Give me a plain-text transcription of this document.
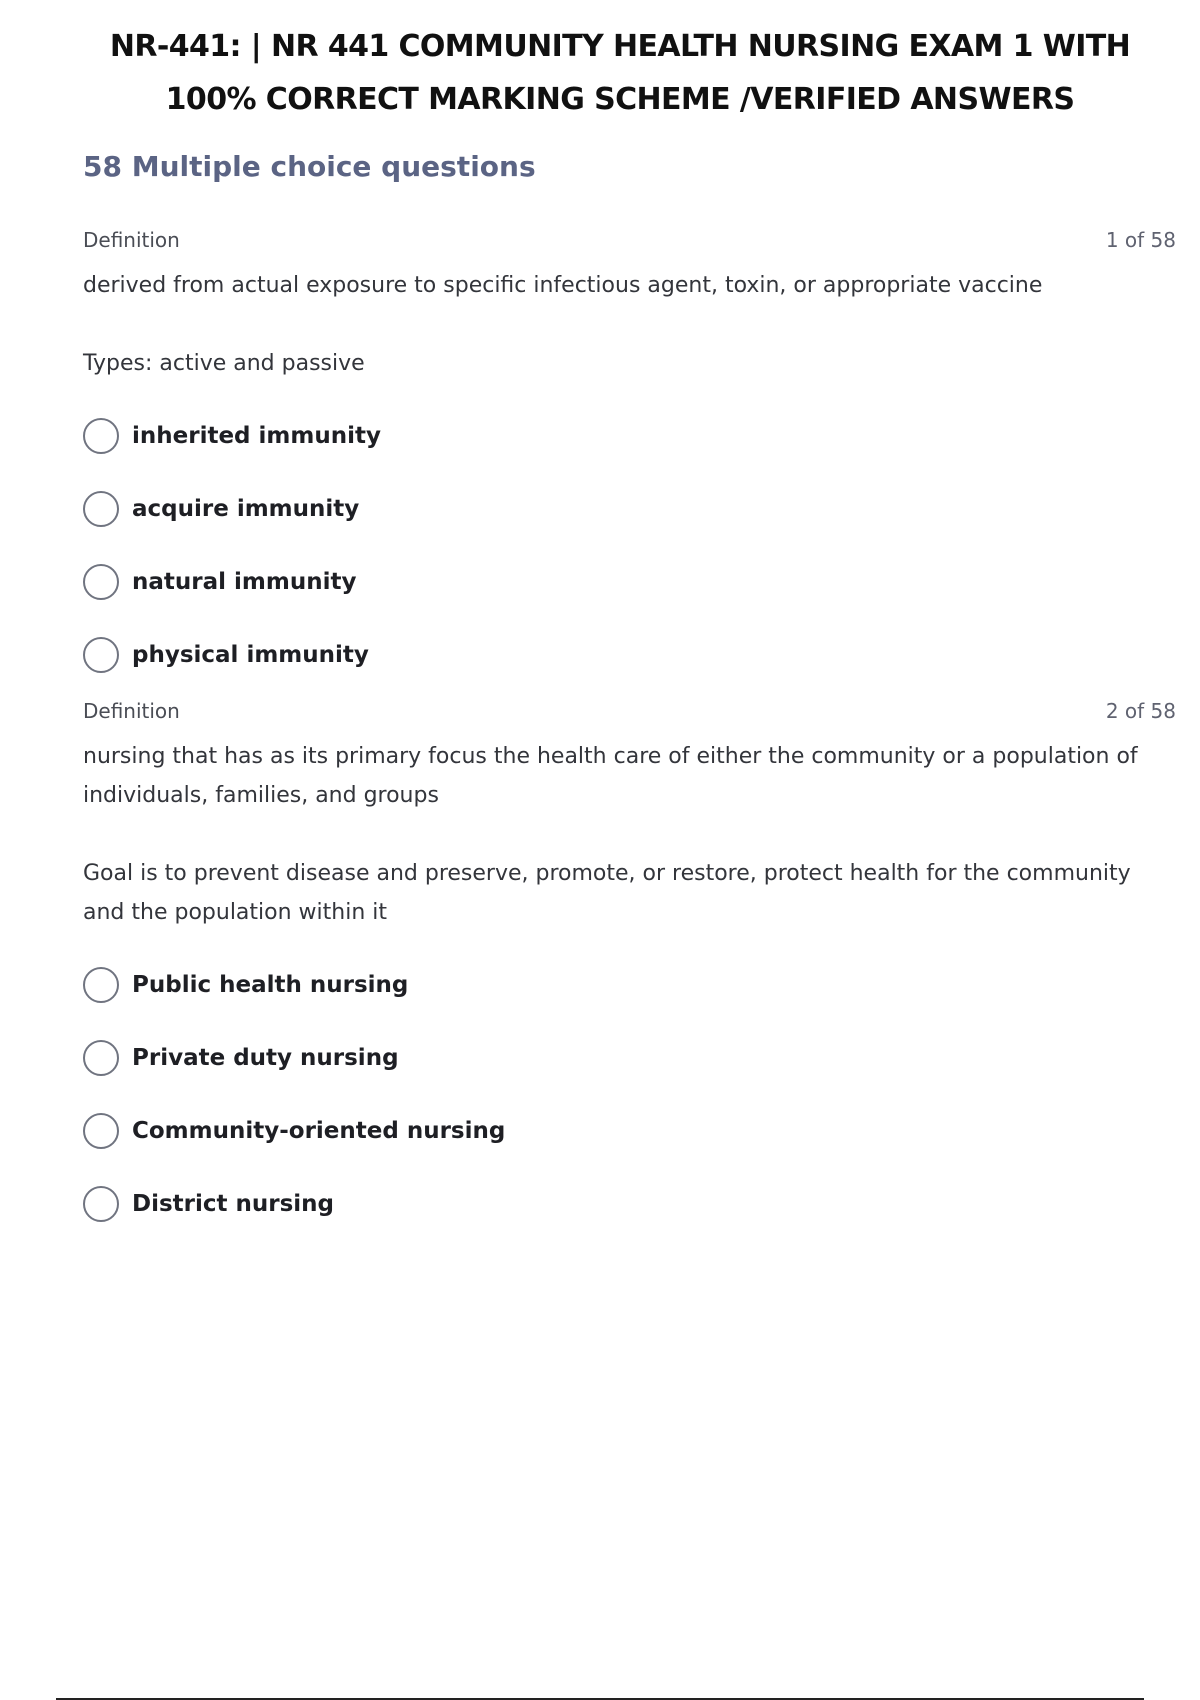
NR-441: | NR 441 COMMUNITY HEALTH NURSING EXAM 1 WITH 100% CORRECT MARKING SCHEME /VERIFIED ANSWERS
58 Multiple choice questions
Definition	1 of 58

derived from actual exposure to specific infectious agent, toxin, or appropriate vaccine

Types: active and passive

inherited immunity
acquire immunity
natural immunity
physical immunity
Definition	2 of 58

nursing that has as its primary focus the health care of either the community or a population of individuals, families, and groups

Goal is to prevent disease and preserve, promote, or restore, protect health for the community and the population within it

Public health nursing
Private duty nursing
Community-oriented nursing
District nursing
